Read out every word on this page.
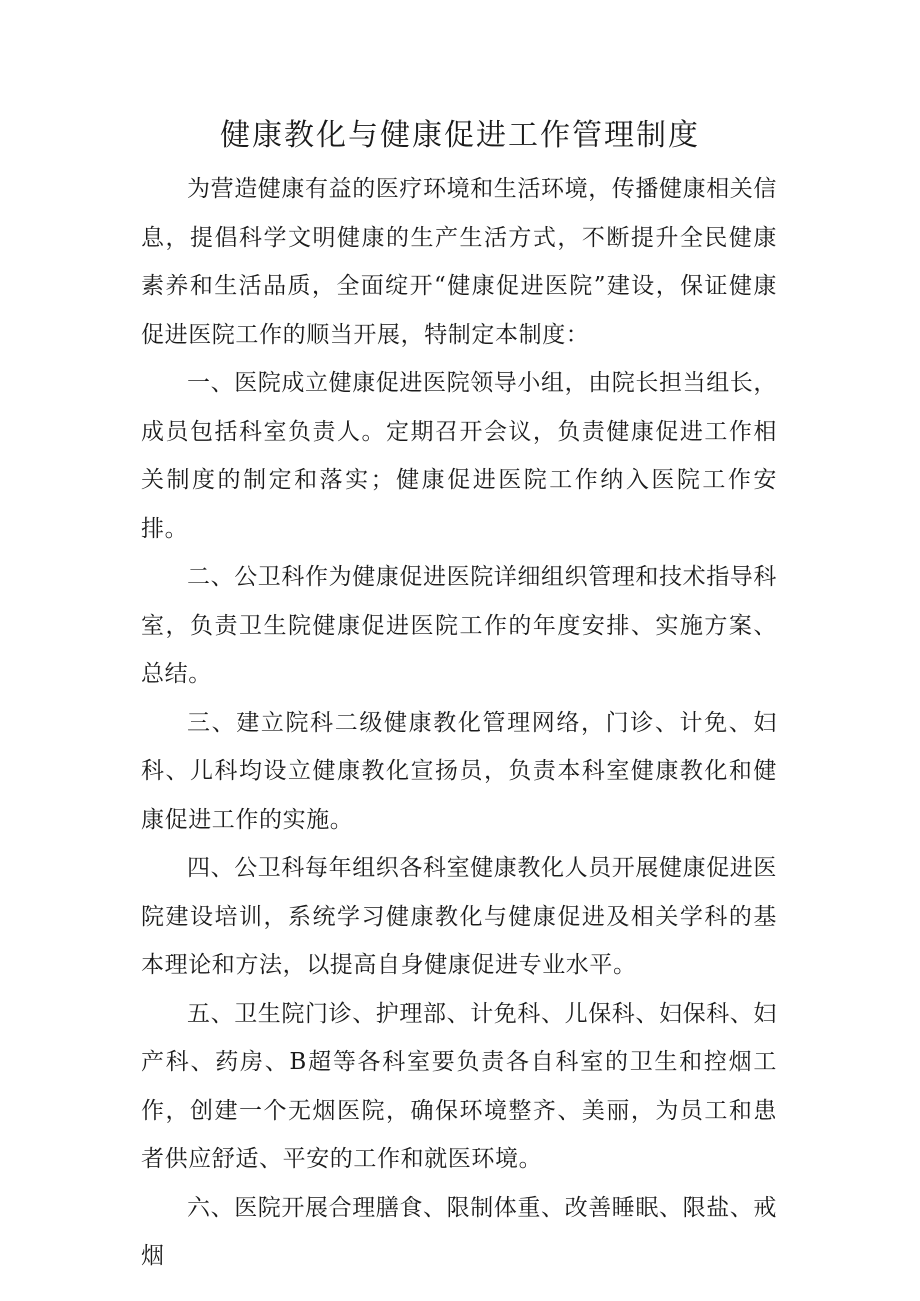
健康教化与健康促进工作管理制度

为营造健康有益的医疗环境和生活环境，传播健康相关信息，提倡科学文明健康的生产生活方式，不断提升全民健康素养和生活品质，全面绽开“健康促进医院”建设，保证健康促进医院工作的顺当开展，特制定本制度：

一、医院成立健康促进医院领导小组，由院长担当组长，成员包括科室负责人。定期召开会议，负责健康促进工作相关制度的制定和落实；健康促进医院工作纳入医院工作安排。

二、公卫科作为健康促进医院详细组织管理和技术指导科室，负责卫生院健康促进医院工作的年度安排、实施方案、总结。

三、建立院科二级健康教化管理网络，门诊、计免、妇科、儿科均设立健康教化宣扬员，负责本科室健康教化和健康促进工作的实施。

四、公卫科每年组织各科室健康教化人员开展健康促进医院建设培训，系统学习健康教化与健康促进及相关学科的基本理论和方法，以提高自身健康促进专业水平。

五、卫生院门诊、护理部、计免科、儿保科、妇保科、妇产科、药房、B超等各科室要负责各自科室的卫生和控烟工作，创建一个无烟医院，确保环境整齐、美丽，为员工和患者供应舒适、平安的工作和就医环境。

六、医院开展合理膳食、限制体重、改善睡眠、限盐、戒烟
